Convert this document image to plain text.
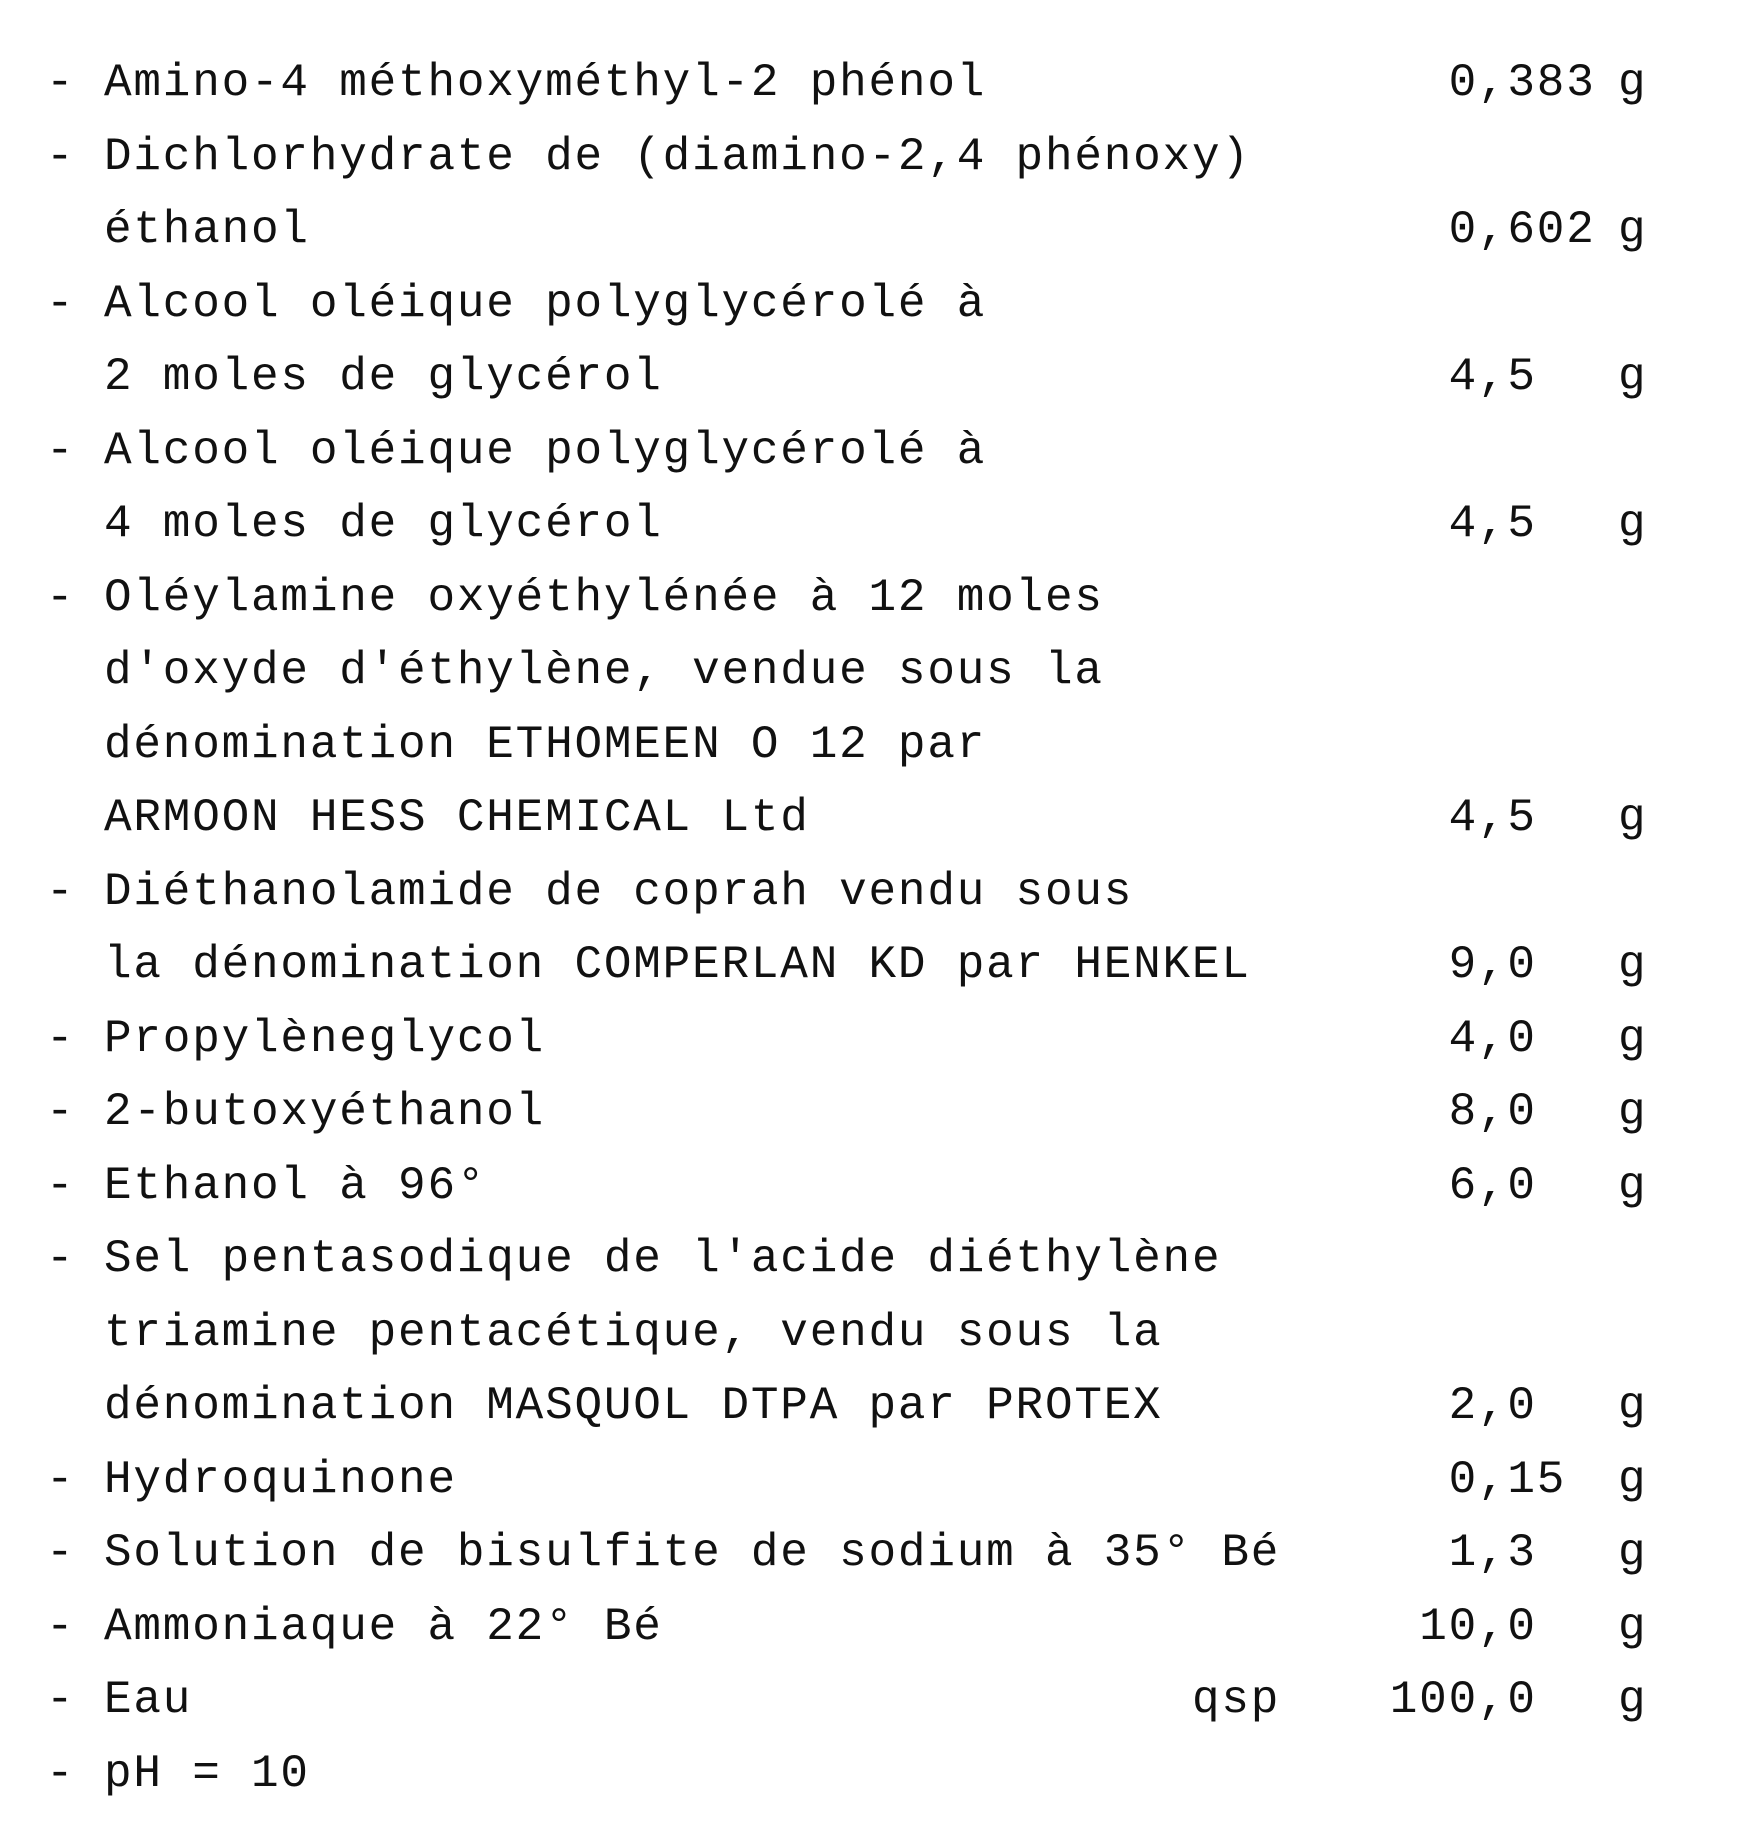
- Amino-4 méthoxyméthyl-2 phénol	0 ,383 g
- Dichlorhydrate de (diamino-2,4 phénoxy)
éthanol	0 ,602 g
- Alcool oléique polyglycérolé à
2 moles de glycérol	4 ,5 g
- Alcool oléique polyglycérolé à
4 moles de glycérol	4 ,5 g
- Oléylamine oxyéthylénée à 12 moles
d'oxyde d'éthylène, vendue sous la
dénomination ETHOMEEN O 12 par
ARMOON HESS CHEMICAL Ltd	4 ,5 g
- Diéthanolamide de coprah vendu sous
la dénomination COMPERLAN KD par HENKEL	9 ,0 g
- Propylèneglycol	4 ,0 g
- 2-butoxyéthanol	8 ,0 g
- Ethanol à 96°	6 ,0 g
- Sel pentasodique de l'acide diéthylène
triamine pentacétique, vendu sous la
dénomination MASQUOL DTPA par PROTEX	2 ,0 g
- Hydroquinone	0 ,15 g
- Solution de bisulfite de sodium à 35° Bé	1 ,3 g
- Ammoniaque à 22° Bé	10 ,0 g
- Eau	qsp 100 ,0 g
- pH = 10
